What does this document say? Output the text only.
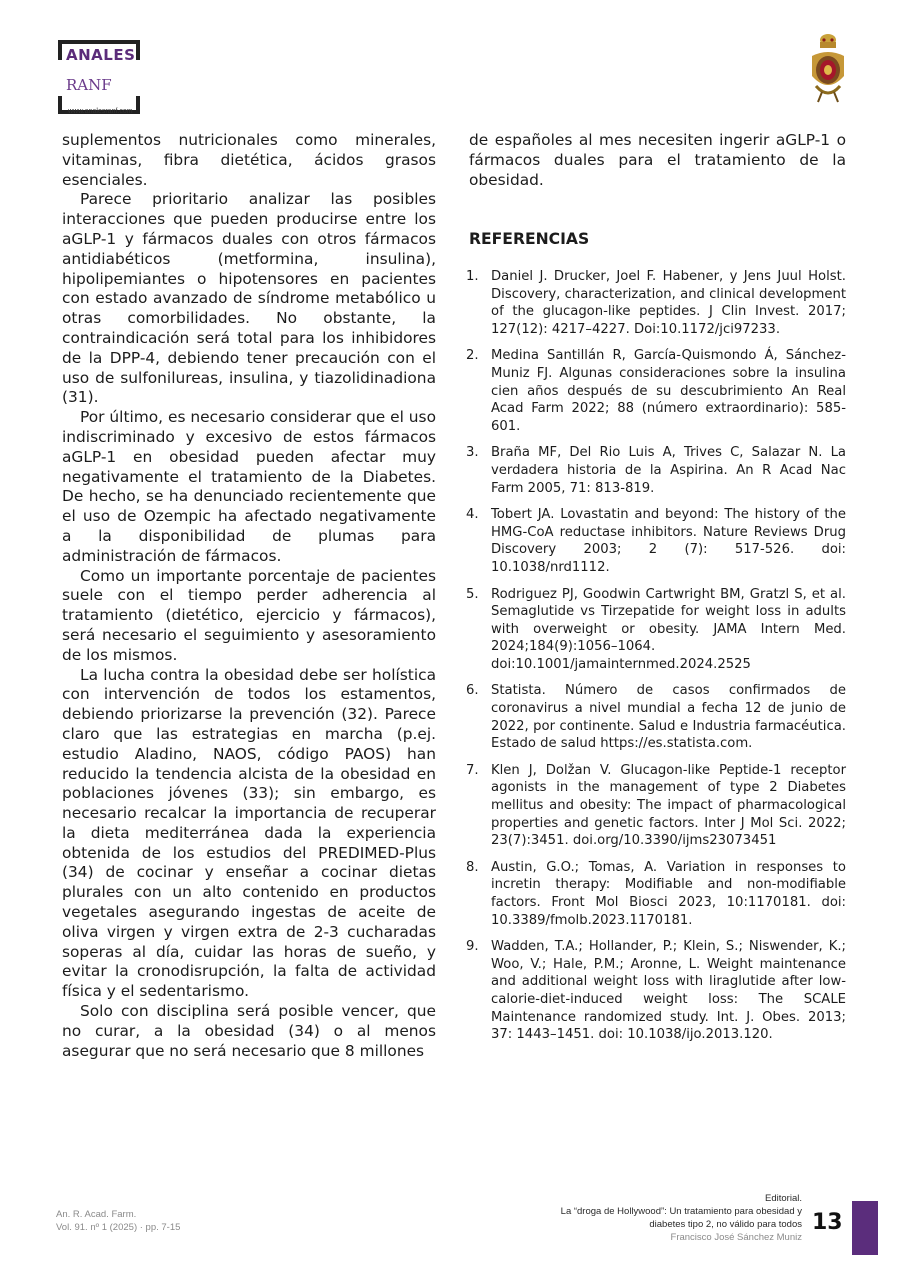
ANALES
RANF
www.analesranf.com

suplementos nutricionales como minerales, vitaminas, fibra dietética, ácidos grasos esenciales.

Parece prioritario analizar las posibles interacciones que pueden producirse entre los aGLP-1 y fármacos duales con otros fármacos antidiabéticos (metformina, insulina), hipolipemiantes o hipotensores en pacientes con estado avanzado de síndrome metabólico u otras comorbilidades. No obstante, la contraindicación será total para los inhibidores de la DPP-4, debiendo tener precaución con el uso de sulfonilureas, insulina, y tiazolidinadiona (31).

Por último, es necesario considerar que el uso indiscriminado y excesivo de estos fármacos aGLP-1 en obesidad pueden afectar muy negativamente el tratamiento de la Diabetes. De hecho, se ha denunciado recientemente que el uso de Ozempic ha afectado negativamente a la disponibilidad de plumas para administración de fármacos.

Como un importante porcentaje de pacientes suele con el tiempo perder adherencia al tratamiento (dietético, ejercicio y fármacos), será necesario el seguimiento y asesoramiento de los mismos.

La lucha contra la obesidad debe ser holística con intervención de todos los estamentos, debiendo priorizarse la prevención (32). Parece claro que las estrategias en marcha (p.ej. estudio Aladino, NAOS, código PAOS) han reducido la tendencia alcista de la obesidad en poblaciones jóvenes (33); sin embargo, es necesario recalcar la importancia de recuperar la dieta mediterránea dada la experiencia obtenida de los estudios del PREDIMED-Plus (34) de cocinar y enseñar a cocinar dietas plurales con un alto contenido en productos vegetales asegurando ingestas de aceite de oliva virgen y virgen extra de 2-3 cucharadas soperas al día, cuidar las horas de sueño, y evitar la cronodisrupción, la falta de actividad física y el sedentarismo.

Solo con disciplina será posible vencer, que no curar, a la obesidad (34) o al menos asegurar que no será necesario que 8 millones

de españoles al mes necesiten ingerir aGLP-1 o fármacos duales para el tratamiento de la obesidad.

REFERENCIAS
1. Daniel J. Drucker, Joel F. Habener, y Jens Juul Holst. Discovery, characterization, and clinical development of the glucagon-like peptides. J Clin Invest. 2017; 127(12): 4217–4227. Doi:10.1172/jci97233.
2. Medina Santillán R, García-Quismondo Á, Sánchez-Muniz FJ. Algunas consideraciones sobre la insulina cien años después de su descubrimiento An Real Acad Farm 2022; 88 (número extraordinario): 585-601.
3. Braña MF, Del Rio Luis A, Trives C, Salazar N. La verdadera historia de la Aspirina. An R Acad Nac Farm 2005, 71: 813-819.
4. Tobert JA. Lovastatin and beyond: The history of the HMG-CoA reductase inhibitors. Nature Reviews Drug Discovery 2003; 2 (7): 517-526. doi: 10.1038/nrd1112.
5. Rodriguez PJ, Goodwin Cartwright BM, Gratzl S, et al. Semaglutide vs Tirzepatide for weight loss in adults with overweight or obesity. JAMA Intern Med. 2024;184(9):1056–1064. doi:10.1001/jamainternmed.2024.2525
6. Statista. Número de casos confirmados de coronavirus a nivel mundial a fecha 12 de junio de 2022, por continente. Salud e Industria farmacéutica. Estado de salud https://es.statista.com.
7. Klen J, Dolžan V. Glucagon-like Peptide-1 receptor agonists in the management of type 2 Diabetes mellitus and obesity: The impact of pharmacological properties and genetic factors. Inter J Mol Sci. 2022; 23(7):3451. doi.org/10.3390/ijms23073451
8. Austin, G.O.; Tomas, A. Variation in responses to incretin therapy: Modifiable and non-modifiable factors. Front Mol Biosci 2023, 10:1170181. doi: 10.3389/fmolb.2023.1170181.
9. Wadden, T.A.; Hollander, P.; Klein, S.; Niswender, K.; Woo, V.; Hale, P.M.; Aronne, L. Weight maintenance and additional weight loss with liraglutide after low-calorie-diet-induced weight loss: The SCALE Maintenance randomized study. Int. J. Obes. 2013; 37: 1443–1451. doi: 10.1038/ijo.2013.120.
An. R. Acad. Farm.
Vol. 91. nº 1 (2025) · pp. 7-15
Editorial.
La “droga de Hollywood”: Un tratamiento para obesidad y
diabetes tipo 2, no válido para todos
Francisco José Sánchez Muniz
13
